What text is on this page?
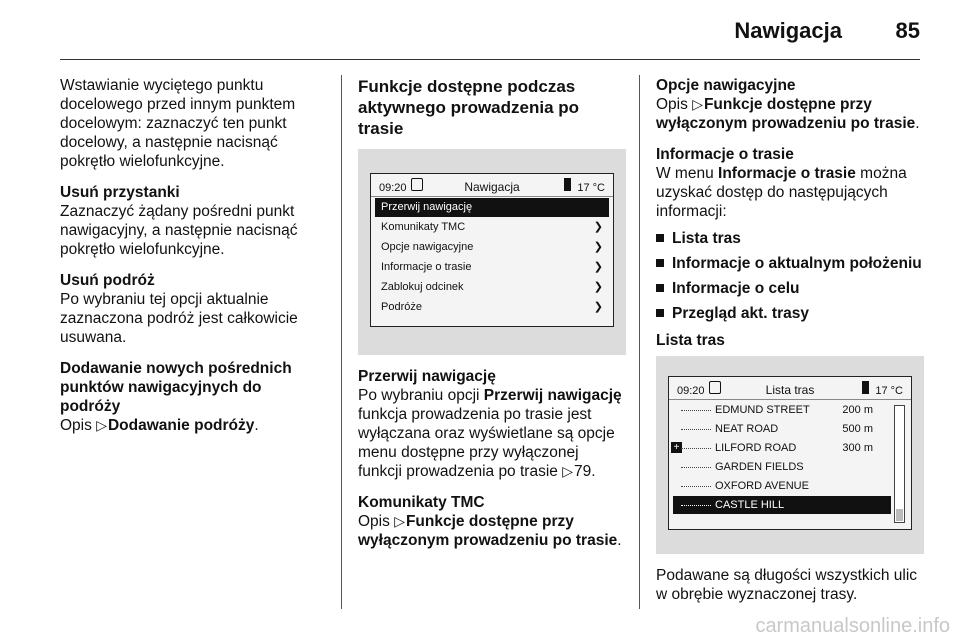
Nawigacja 85

Wstawianie wyciętego punktu docelowego przed innym punktem docelowym: zaznaczyć ten punkt docelowy, a następnie nacisnąć pokrętło wielofunkcyjne.

Usuń przystanki
Zaznaczyć żądany pośredni punkt nawigacyjny, a następnie nacisnąć pokrętło wielofunkcyjne.

Usuń podróż
Po wybraniu tej opcji aktualnie zaznaczona podróż jest całkowicie usuwana.

Dodawanie nowych pośrednich punktów nawigacyjnych do podróży
Opis ▷Dodawanie podróży.

Funkcje dostępne podczas aktywnego prowadzenia po trasie
09:20	Nawigacja	17 °C
Przerwij nawigację
Komunikaty TMC	❯
Opcje nawigacyjne	❯
Informacje o trasie	❯
Zablokuj odcinek	❯
Podróże	❯

Przerwij nawigację
Po wybraniu opcji Przerwij nawigację funkcja prowadzenia po trasie jest wyłączana oraz wyświetlane są opcje menu dostępne przy wyłączonej funkcji prowadzenia po trasie ▷79.

Komunikaty TMC
Opis ▷Funkcje dostępne przy wyłączonym prowadzeniu po trasie.

Opcje nawigacyjne
Opis ▷Funkcje dostępne przy wyłączonym prowadzeniu po trasie.

Informacje o trasie
W menu Informacje o trasie można uzyskać dostęp do następujących informacji:

Lista tras
Informacje o aktualnym położeniu
Informacje o celu
Przegląd akt. trasy
Lista tras
09:20	Lista tras	17 °C
EDMUND STREET	200 m
NEAT ROAD	500 m
+	LILFORD ROAD	300 m
GARDEN FIELDS
OXFORD AVENUE
CASTLE HILL

Podawane są długości wszystkich ulic w obrębie wyznaczonej trasy.

carmanualsonline.info
